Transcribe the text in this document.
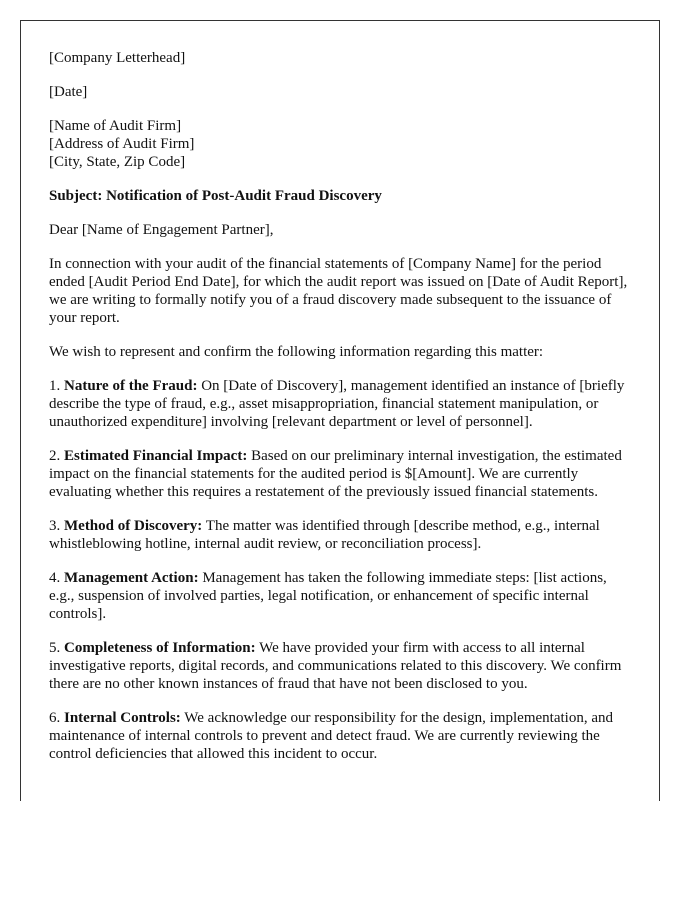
[Company Letterhead]

[Date]

[Name of Audit Firm]
[Address of Audit Firm]
[City, State, Zip Code]

Subject: Notification of Post-Audit Fraud Discovery

Dear [Name of Engagement Partner],

In connection with your audit of the financial statements of [Company Name] for the period ended [Audit Period End Date], for which the audit report was issued on [Date of Audit Report], we are writing to formally notify you of a fraud discovery made subsequent to the issuance of your report.

We wish to represent and confirm the following information regarding this matter:

1. Nature of the Fraud: On [Date of Discovery], management identified an instance of [briefly describe the type of fraud, e.g., asset misappropriation, financial statement manipulation, or unauthorized expenditure] involving [relevant department or level of personnel].

2. Estimated Financial Impact: Based on our preliminary internal investigation, the estimated impact on the financial statements for the audited period is $[Amount]. We are currently evaluating whether this requires a restatement of the previously issued financial statements.

3. Method of Discovery: The matter was identified through [describe method, e.g., internal whistleblowing hotline, internal audit review, or reconciliation process].

4. Management Action: Management has taken the following immediate steps: [list actions, e.g., suspension of involved parties, legal notification, or enhancement of specific internal controls].

5. Completeness of Information: We have provided your firm with access to all internal investigative reports, digital records, and communications related to this discovery. We confirm there are no other known instances of fraud that have not been disclosed to you.

6. Internal Controls: We acknowledge our responsibility for the design, implementation, and maintenance of internal controls to prevent and detect fraud. We are currently reviewing the control deficiencies that allowed this incident to occur.
